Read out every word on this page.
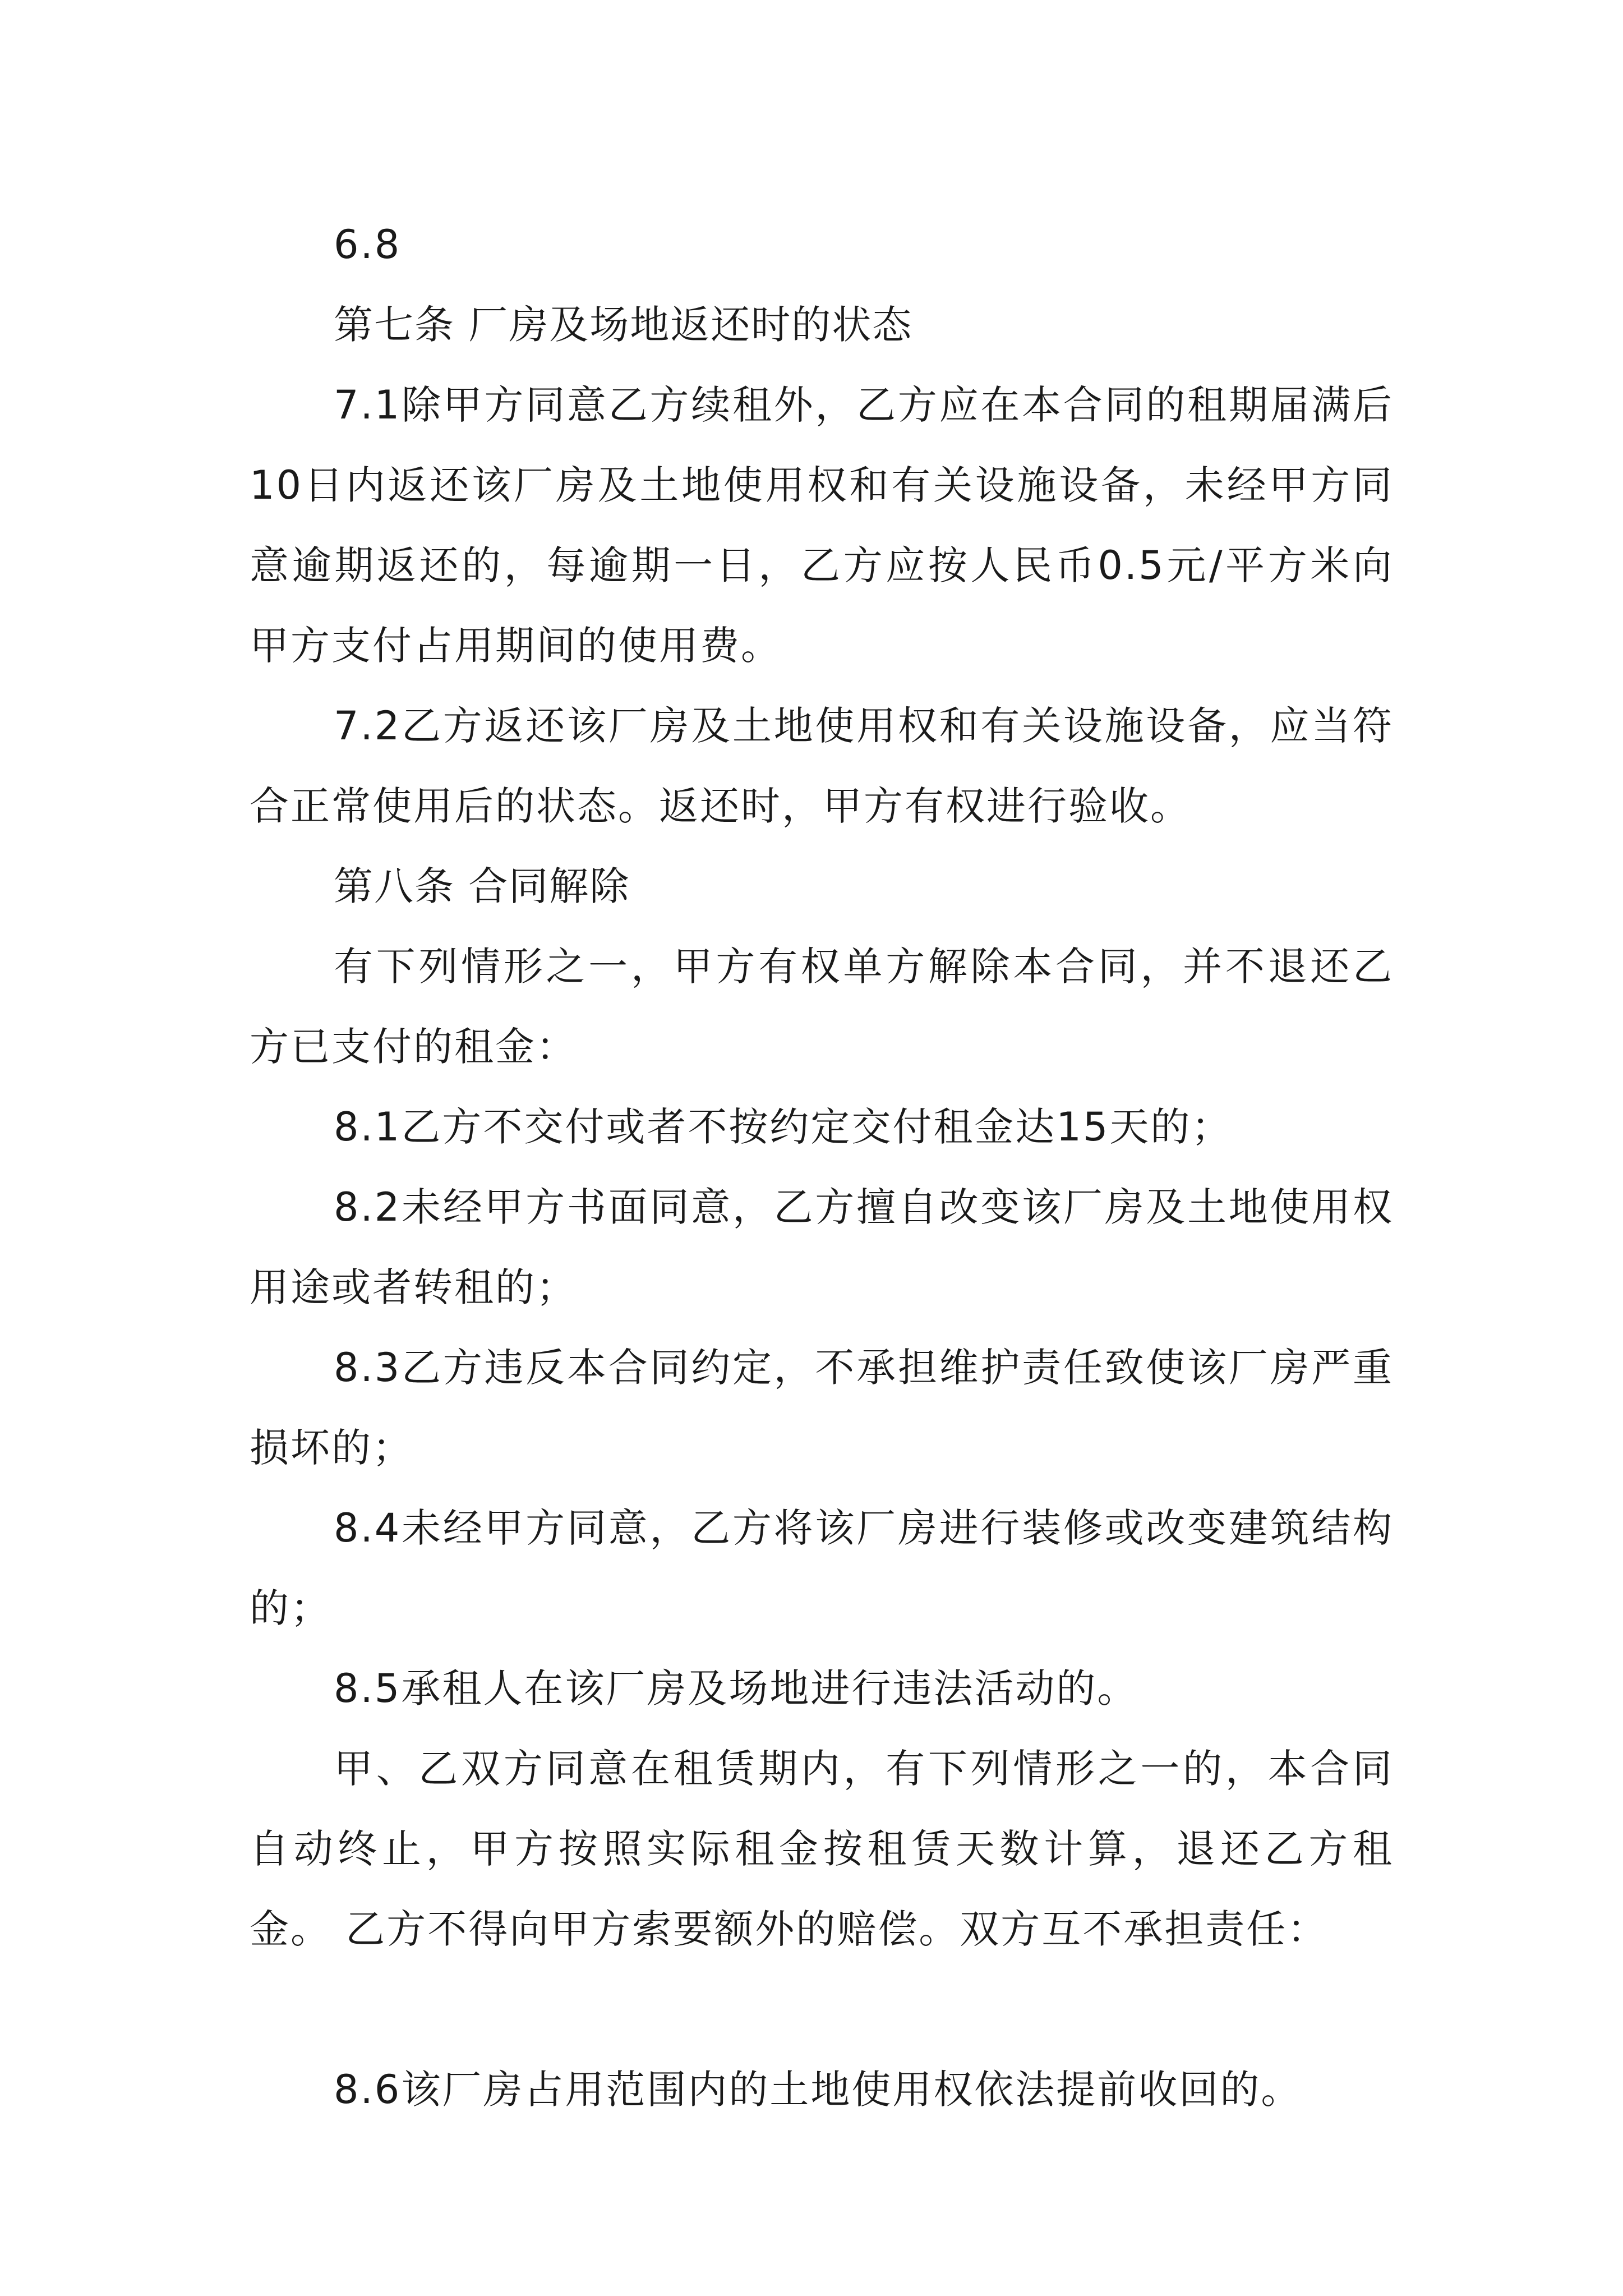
6.8

第七条 厂房及场地返还时的状态

7.1除甲方同意乙方续租外，乙方应在本合同的租期届满后10日内返还该厂房及土地使用权和有关设施设备，未经甲方同意逾期返还的，每逾期一日，乙方应按人民币0.5元/平方米向甲方支付占用期间的使用费。

7.2乙方返还该厂房及土地使用权和有关设施设备，应当符合正常使用后的状态。返还时，甲方有权进行验收。

第八条 合同解除

有下列情形之一，甲方有权单方解除本合同，并不退还乙方已支付的租金：

8.1乙方不交付或者不按约定交付租金达15天的；

8.2未经甲方书面同意，乙方擅自改变该厂房及土地使用权用途或者转租的；

8.3乙方违反本合同约定，不承担维护责任致使该厂房严重损坏的；

8.4未经甲方同意，乙方将该厂房进行装修或改变建筑结构的；

8.5承租人在该厂房及场地进行违法活动的。

甲、乙双方同意在租赁期内，有下列情形之一的，本合同自动终止，甲方按照实际租金按租赁天数计算，退还乙方租金。 乙方不得向甲方索要额外的赔偿。双方互不承担责任：

8.6该厂房占用范围内的土地使用权依法提前收回的。
